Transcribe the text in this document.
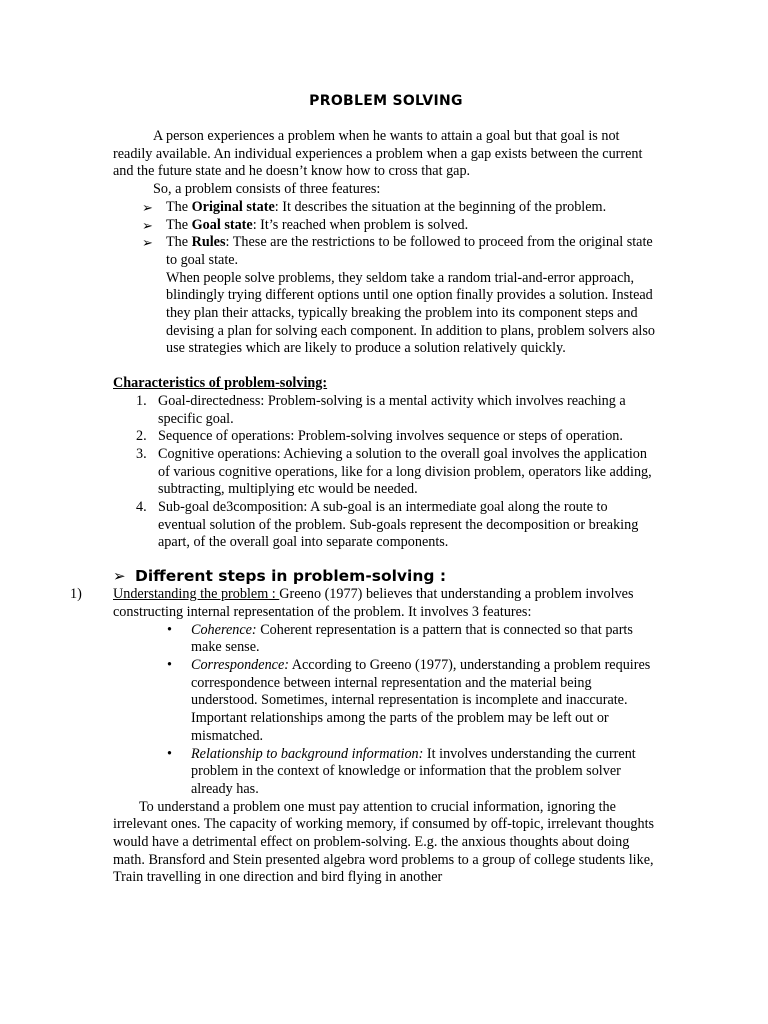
PROBLEM SOLVING

A person experiences a problem when he wants to attain a goal but that goal is not readily available. An individual experiences a problem when a gap exists between the current and the future state and he doesn’t know how to cross that gap.

So, a problem consists of three features:

➢ The Original state: It describes the situation at the beginning of the problem.
➢ The Goal state: It’s reached when problem is solved.
➢ The Rules: These are the restrictions to be followed to proceed from the original state to goal state.

When people solve problems, they seldom take a random trial-and-error approach, blindingly trying different options until one option finally provides a solution. Instead they plan their attacks, typically breaking the problem into its component steps and devising a plan for solving each component. In addition to plans, problem solvers also use strategies which are likely to produce a solution relatively quickly.

Characteristics of problem-solving:

1. Goal-directedness: Problem-solving is a mental activity which involves reaching a specific goal.
2. Sequence of operations: Problem-solving involves sequence or steps of operation.
3. Cognitive operations: Achieving a solution to the overall goal involves the application of various cognitive operations, like for a long division problem, operators like adding, subtracting, multiplying etc would be needed.
4. Sub-goal de3composition: A sub-goal is an intermediate goal along the route to eventual solution of the problem. Sub-goals represent the decomposition or breaking apart, of the overall goal into separate components.
➢ Different steps in problem-solving :

1) Understanding the problem : Greeno (1977) believes that understanding a problem involves constructing internal representation of the problem. It involves 3 features:

• Coherence: Coherent representation is a pattern that is connected so that parts make sense.
• Correspondence: According to Greeno (1977), understanding a problem requires correspondence between internal representation and the material being understood. Sometimes, internal representation is incomplete and inaccurate. Important relationships among the parts of the problem may be left out or mismatched.
• Relationship to background information: It involves understanding the current problem in the context of knowledge or information that the problem solver already has.

To understand a problem one must pay attention to crucial information, ignoring the irrelevant ones. The capacity of working memory, if consumed by off-topic, irrelevant thoughts would have a detrimental effect on problem-solving. E.g. the anxious thoughts about doing math. Bransford and Stein presented algebra word problems to a group of college students like, Train travelling in one direction and bird flying in another
